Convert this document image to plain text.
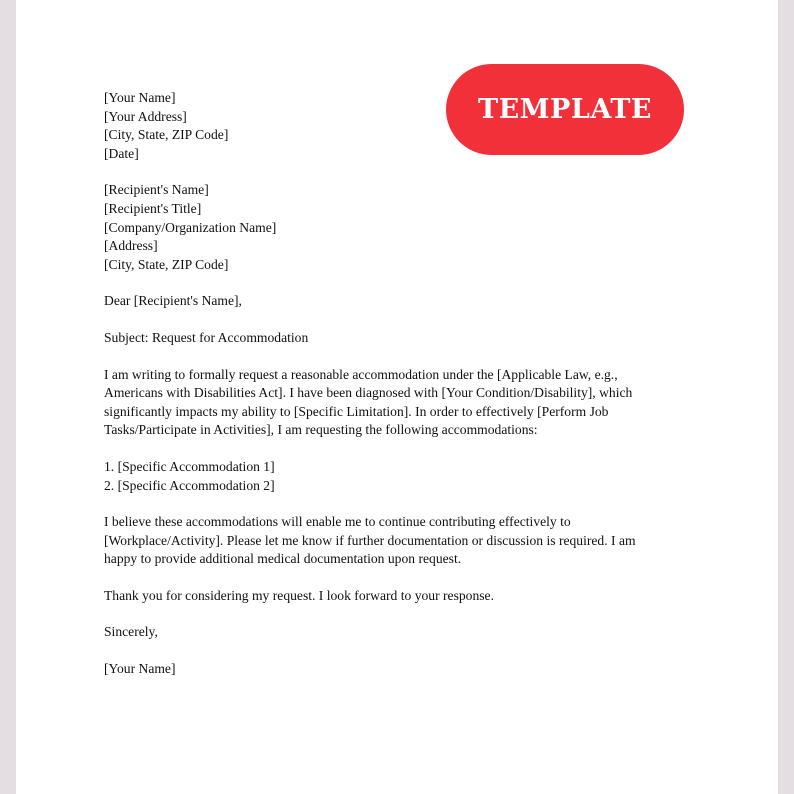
TEMPLATE
[Your Name]
[Your Address]
[City, State, ZIP Code]
[Date]
[Recipient's Name]
[Recipient's Title]
[Company/Organization Name]
[Address]
[City, State, ZIP Code]

Dear [Recipient's Name],

Subject: Request for Accommodation

I am writing to formally request a reasonable accommodation under the [Applicable Law, e.g.,
Americans with Disabilities Act]. I have been diagnosed with [Your Condition/Disability], which
significantly impacts my ability to [Specific Limitation]. In order to effectively [Perform Job
Tasks/Participate in Activities], I am requesting the following accommodations:
1. [Specific Accommodation 1]
2. [Specific Accommodation 2]
I believe these accommodations will enable me to continue contributing effectively to
[Workplace/Activity]. Please let me know if further documentation or discussion is required. I am
happy to provide additional medical documentation upon request.

Thank you for considering my request. I look forward to your response.

Sincerely,

[Your Name]
